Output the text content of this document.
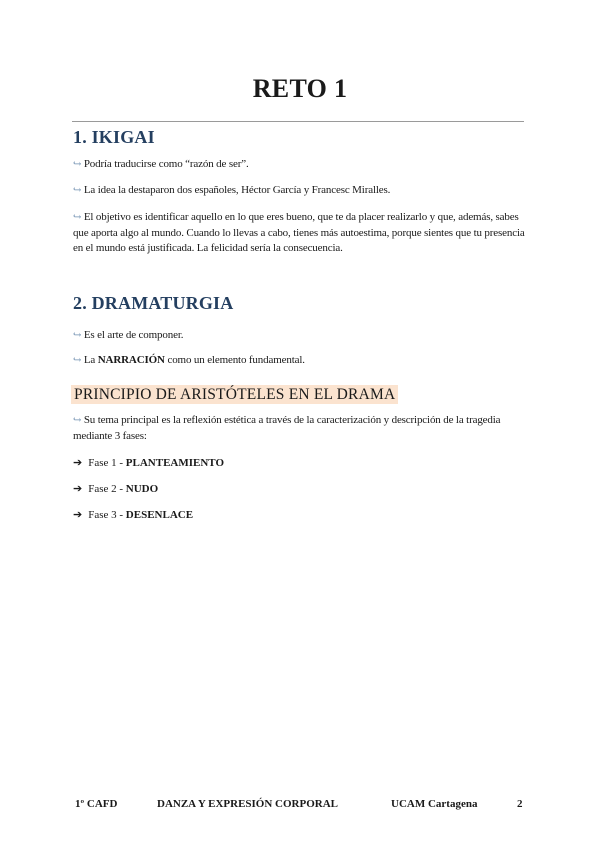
RETO 1
1. IKIGAI

↪ Podría traducirse como “razón de ser”.

↪ La idea la destaparon dos españoles, Héctor García y Francesc Miralles.

↪ El objetivo es identificar aquello en lo que eres bueno, que te da placer realizarlo y que, además, sabes que aporta algo al mundo. Cuando lo llevas a cabo, tienes más autoestima, porque sientes que tu presencia en el mundo está justificada. La felicidad sería la consecuencia.

2. DRAMATURGIA

↪ Es el arte de componer.

↪ La NARRACIÓN como un elemento fundamental.

PRINCIPIO DE ARISTÓTELES EN EL DRAMA

↪ Su tema principal es la reflexión estética a través de la caracterización y descripción de la tragedia mediante 3 fases:

➔ Fase 1 - PLANTEAMIENTO
➔ Fase 2 - NUDO
➔ Fase 3 - DESENLACE
1º CAFD	DANZA Y EXPRESIÓN CORPORAL	UCAM Cartagena	2
